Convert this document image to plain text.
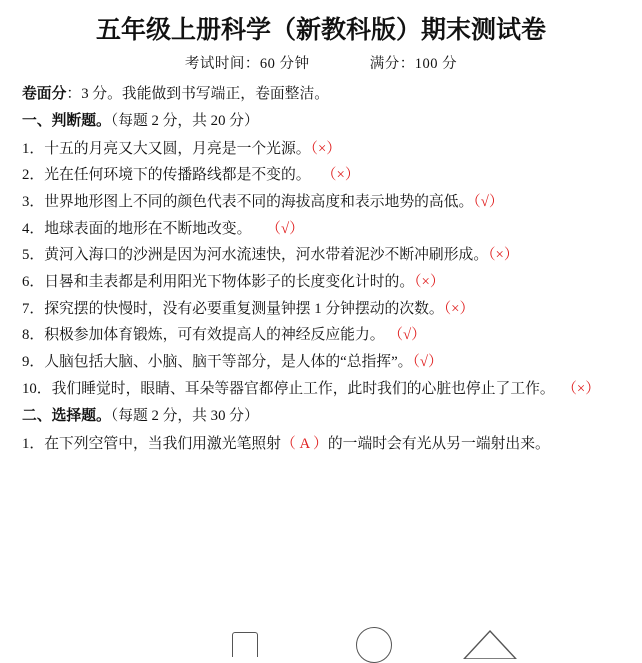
五年级上册科学（新教科版）期末测试卷
考试时间：60 分钟	满分：100 分

卷面分：3 分。我能做到书写端正，卷面整洁。

一、判断题。（每题 2 分，共 20 分）

1．十五的月亮又大又圆，月亮是一个光源。（×）

2．光在任何环境下的传播路线都是不变的。 （×）

3．世界地形图上不同的颜色代表不同的海拔高度和表示地势的高低。（√）

4．地球表面的地形在不断地改变。 （√）

5．黄河入海口的沙洲是因为河水流速快，河水带着泥沙不断冲刷形成。（×）

6．日晷和圭表都是利用阳光下物体影子的长度变化计时的。（×）

7．探究摆的快慢时，没有必要重复测量钟摆 1 分钟摆动的次数。（×）

8．积极参加体育锻炼，可有效提高人的神经反应能力。 （√）

9．人脑包括大脑、小脑、脑干等部分，是人体的“总指挥”。（√）

10．我们睡觉时，眼睛、耳朵等器官都停止工作，此时我们的心脏也停止了工作。 （×）

二、选择题。（每题 2 分，共 30 分）

1．在下列空管中，当我们用激光笔照射（ A ）的一端时会有光从另一端射出来。
